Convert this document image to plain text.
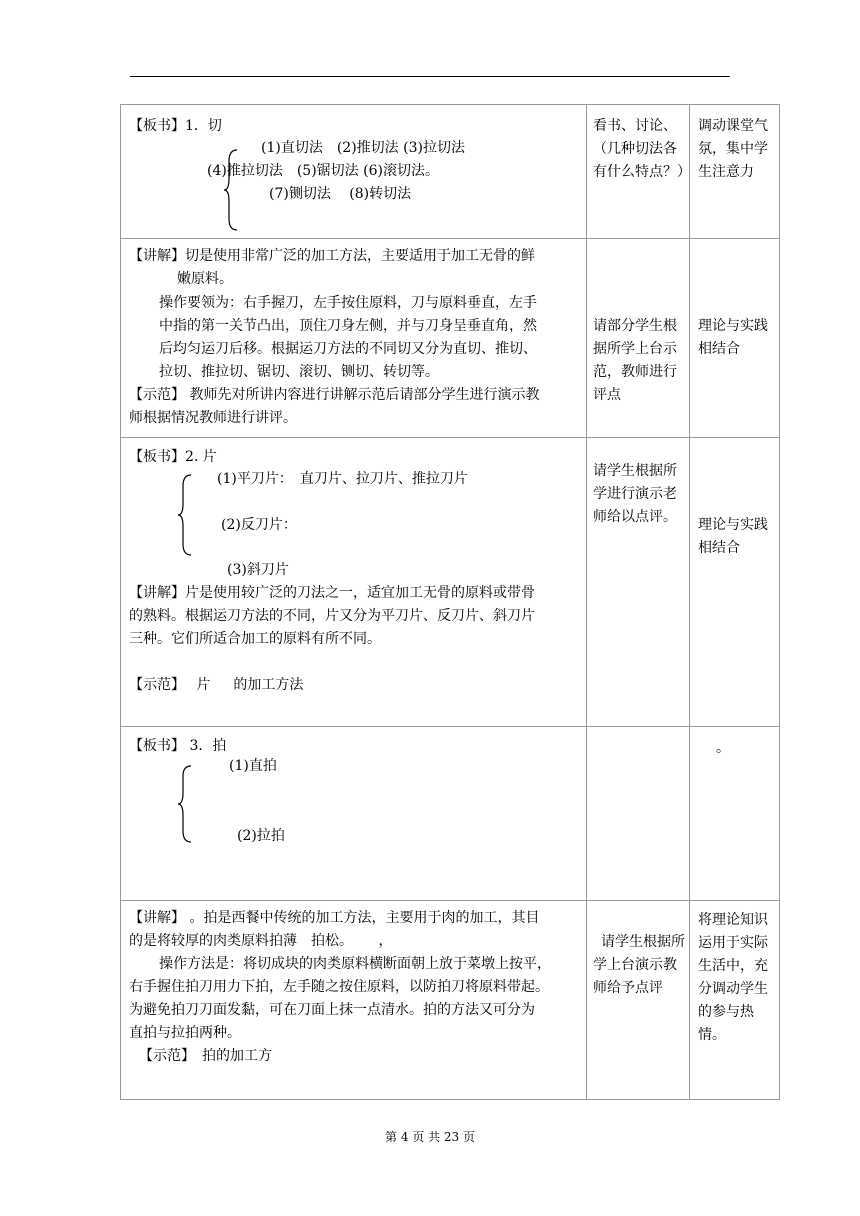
【板书】1．切
(1)直切法　(2)推切法 (3)拉切法
(4)推拉切法　(5)锯切法 (6)滚切法。
(7)铡切法　 (8)转切法
看书、讨论、（几种切法各有什么特点？）
调动课堂气氛，集中学生注意力
【讲解】切是使用非常广泛的加工方法，主要适用于加工无骨的鲜
嫩原料。
操作要领为：右手握刀，左手按住原料，刀与原料垂直，左手
中指的第一关节凸出，顶住刀身左侧，并与刀身呈垂直角，然
后均匀运刀后移。根据运刀方法的不同切又分为直切、推切、
拉切、推拉切、锯切、滚切、铡切、转切等。
【示范】 教师先对所讲内容进行讲解示范后请部分学生进行演示教
师根据情况教师进行讲评。
请部分学生根据所学上台示范，教师进行评点
理论与实践相结合
【板书】2. 片
(1)平刀片：　直刀片、拉刀片、推拉刀片
(2)反刀片：
(3)斜刀片
【讲解】片是使用较广泛的刀法之一，适宜加工无骨的原料或带骨
的熟料。根据运刀方法的不同，片又分为平刀片、反刀片、斜刀片
三种。它们所适合加工的原料有所不同。
【示范】　 片 　 的加工方法
请学生根据所学进行演示老师给以点评。	理论与实践相结合
【板书】 3．拍
(1)直拍
(2)拉拍
。
【讲解】 。拍是西餐中传统的加工方法，主要用于肉的加工，其目
的是将较厚的肉类原料拍薄　拍松。　　 ，
操作方法是：将切成块的肉类原料横断面朝上放于菜墩上按平，
右手握住拍刀用力下拍，左手随之按住原料，以防拍刀将原料带起。
为避免拍刀刀面发黏，可在刀面上抹一点清水。拍的方法又可分为
直拍与拉拍两种。
【示范】　拍的加工方
请学生根据所学上台演示教师给予点评
将理论知识运用于实际生活中，充分调动学生的参与热情。
第 4 页 共 23 页
